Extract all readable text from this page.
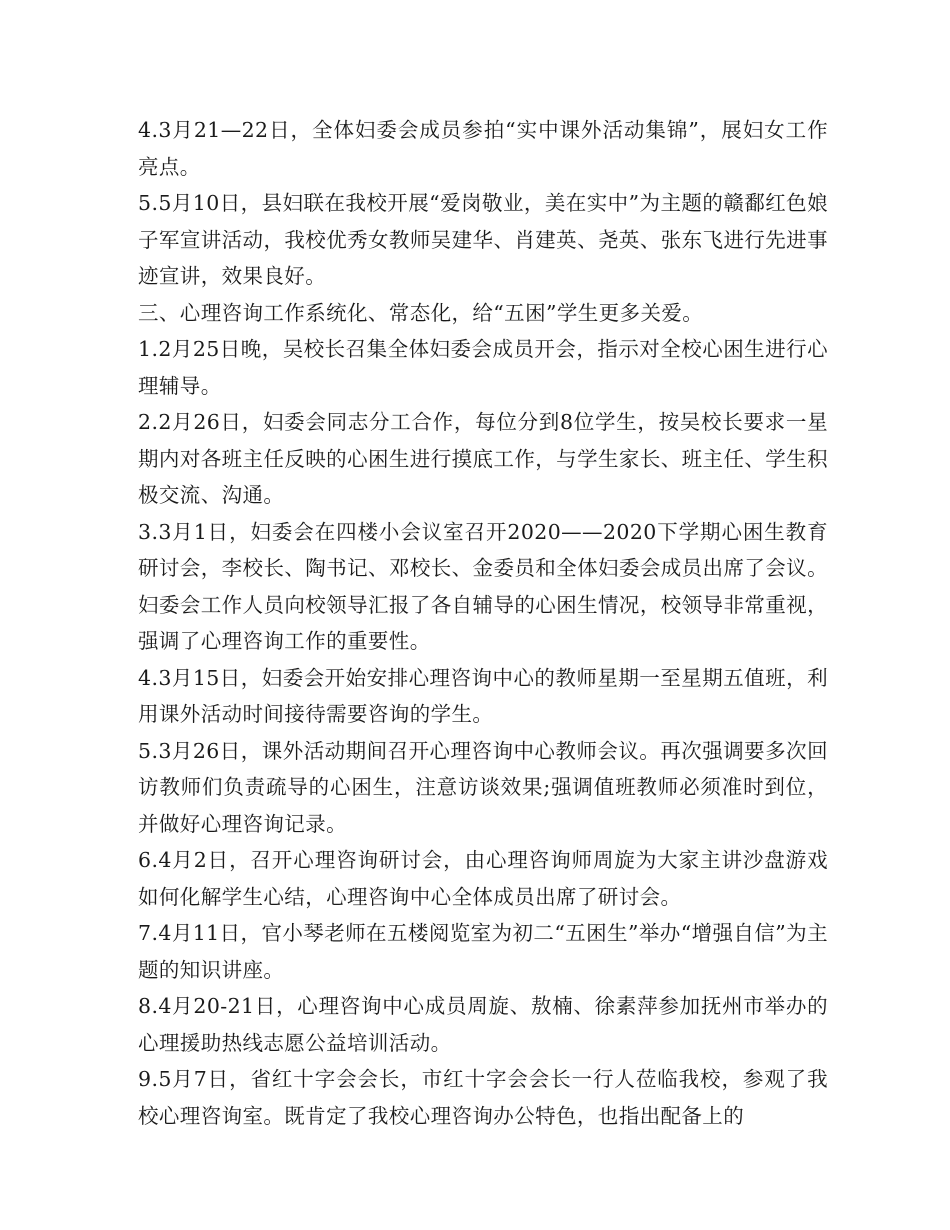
4.3月21—22日，全体妇委会成员参拍“实中课外活动集锦”，展妇女工作亮点。

5.5月10日，县妇联在我校开展“爱岗敬业，美在实中”为主题的赣鄱红色娘子军宣讲活动，我校优秀女教师吴建华、肖建英、尧英、张东飞进行先进事迹宣讲，效果良好。

三、心理咨询工作系统化、常态化，给“五困”学生更多关爱。

1.2月25日晚，吴校长召集全体妇委会成员开会，指示对全校心困生进行心理辅导。

2.2月26日，妇委会同志分工合作，每位分到8位学生，按吴校长要求一星期内对各班主任反映的心困生进行摸底工作，与学生家长、班主任、学生积极交流、沟通。

3.3月1日，妇委会在四楼小会议室召开2020——2020下学期心困生教育研讨会，李校长、陶书记、邓校长、金委员和全体妇委会成员出席了会议。妇委会工作人员向校领导汇报了各自辅导的心困生情况，校领导非常重视，强调了心理咨询工作的重要性。

4.3月15日，妇委会开始安排心理咨询中心的教师星期一至星期五值班，利用课外活动时间接待需要咨询的学生。

5.3月26日，课外活动期间召开心理咨询中心教师会议。再次强调要多次回访教师们负责疏导的心困生，注意访谈效果;强调值班教师必须准时到位，并做好心理咨询记录。

6.4月2日，召开心理咨询研讨会，由心理咨询师周旋为大家主讲沙盘游戏如何化解学生心结，心理咨询中心全体成员出席了研讨会。

7.4月11日，官小琴老师在五楼阅览室为初二“五困生”举办“增强自信”为主题的知识讲座。

8.4月20-21日，心理咨询中心成员周旋、敖楠、徐素萍参加抚州市举办的心理援助热线志愿公益培训活动。

9.5月7日，省红十字会会长，市红十字会会长一行人莅临我校，参观了我校心理咨询室。既肯定了我校心理咨询办公特色，也指出配备上的
